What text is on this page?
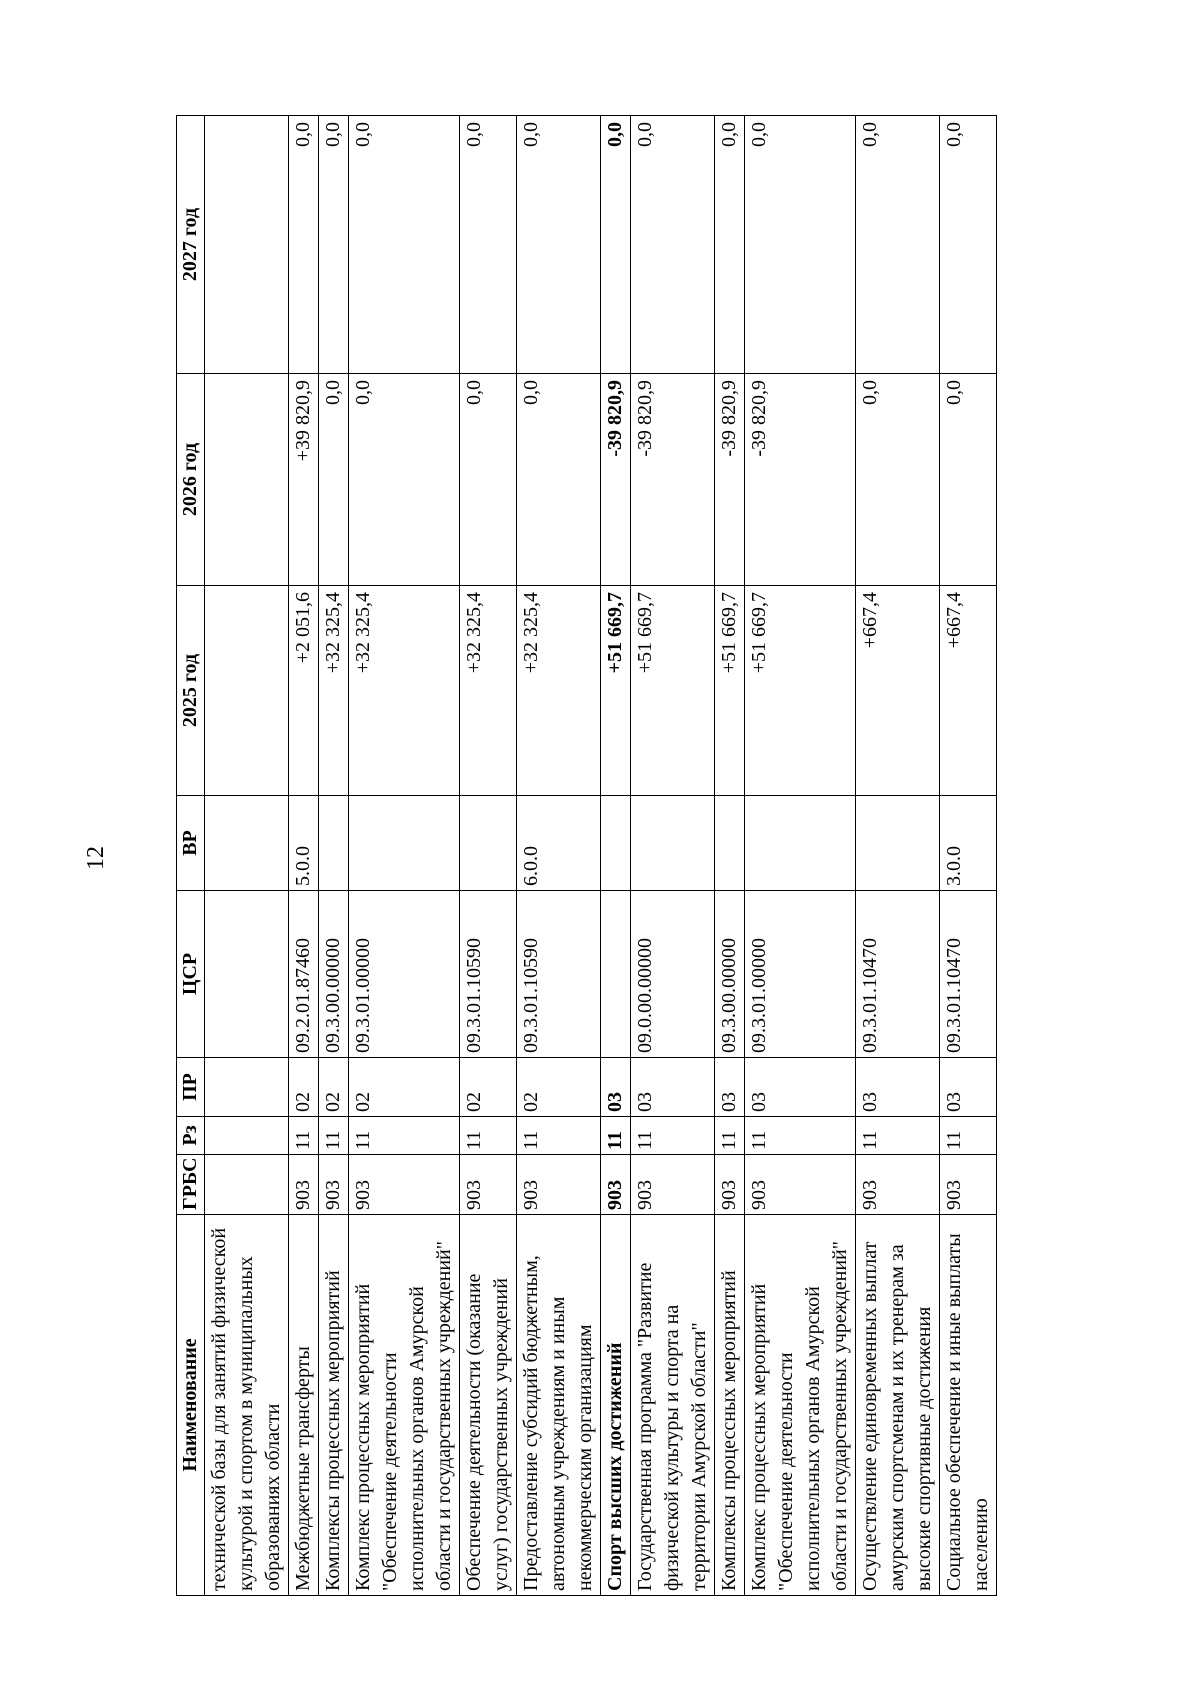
12
Наименование	ГРБС	Рз	ПР	ЦСР	ВР	2025 год	2026 год	2027 год
технической базы для занятий физической культурой и спортом в муниципальных образованиях области								
Межбюджетные трансферты	903	11	02	09.2.01.87460	5.0.0	+2 051,6	+39 820,9	0,0
Комплексы процессных мероприятий	903	11	02	09.3.00.00000		+32 325,4	0,0	0,0
Комплекс процессных мероприятий "Обеспечение деятельности исполнительных органов Амурской области и государственных учреждений"	903	11	02	09.3.01.00000		+32 325,4	0,0	0,0
Обеспечение деятельности (оказание услуг) государственных учреждений	903	11	02	09.3.01.10590		+32 325,4	0,0	0,0
Предоставление субсидий бюджетным, автономным учреждениям и иным некоммерческим организациям	903	11	02	09.3.01.10590	6.0.0	+32 325,4	0,0	0,0
Спорт высших достижений	903	11	03			+51 669,7	-39 820,9	0,0
Государственная программа "Развитие физической культуры и спорта на территории Амурской области"	903	11	03	09.0.00.00000		+51 669,7	-39 820,9	0,0
Комплексы процессных мероприятий	903	11	03	09.3.00.00000		+51 669,7	-39 820,9	0,0
Комплекс процессных мероприятий "Обеспечение деятельности исполнительных органов Амурской области и государственных учреждений"	903	11	03	09.3.01.00000		+51 669,7	-39 820,9	0,0
Осуществление единовременных выплат амурским спортсменам и их тренерам за высокие спортивные достижения	903	11	03	09.3.01.10470		+667,4	0,0	0,0
Социальное обеспечение и иные выплаты населению	903	11	03	09.3.01.10470	3.0.0	+667,4	0,0	0,0
